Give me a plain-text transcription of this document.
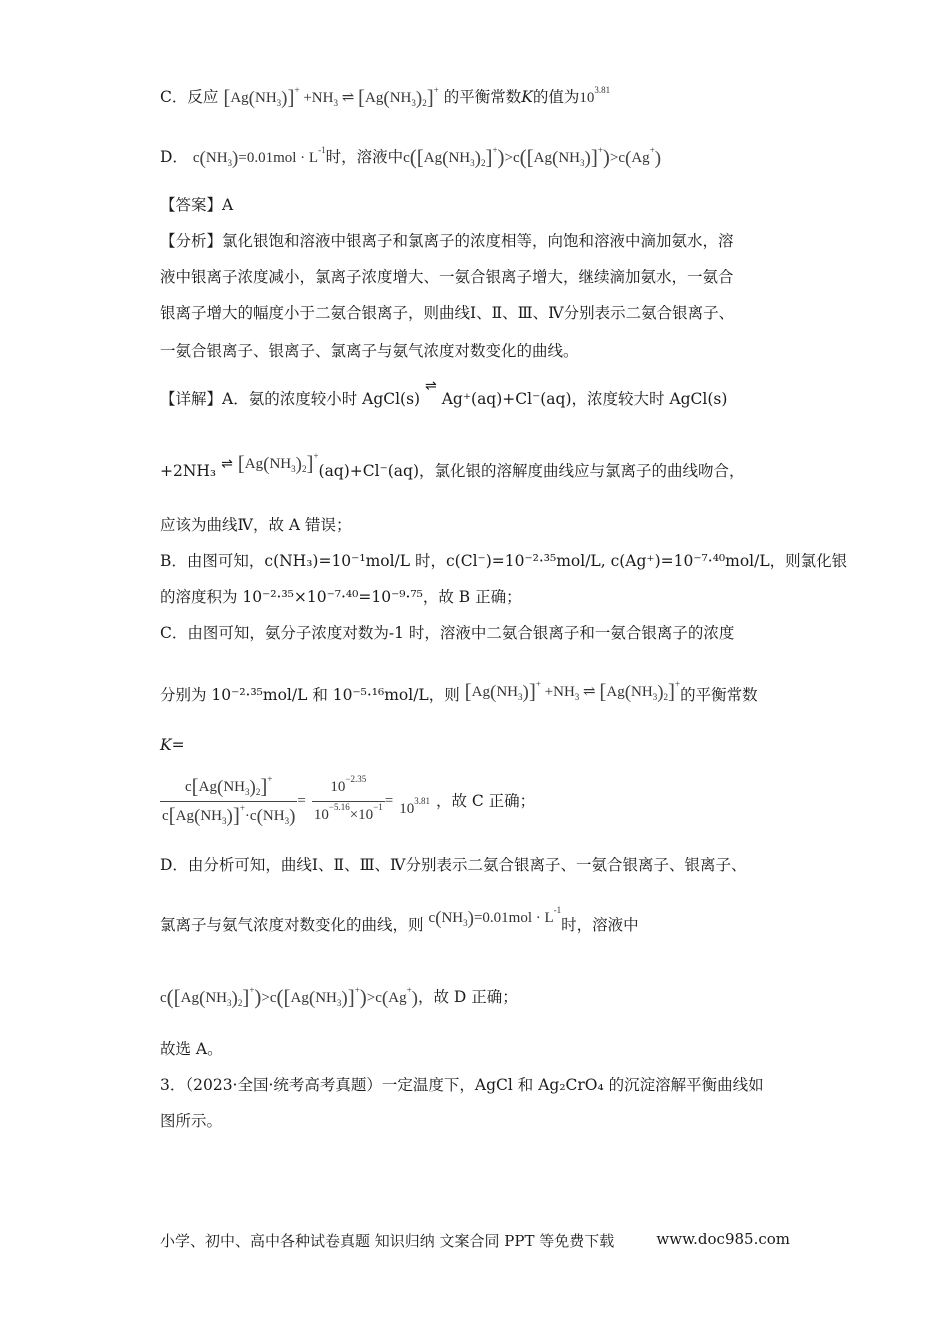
C．反应 $[Ag(NH_3)]^+ +NH_3$ ⇌ $[Ag(NH_3)_2]^+$ 的平衡常数K的值为$10^{3.81}$
D． $c(NH_3)=0.01mol \cdot L^{-1}$时，溶液中$c([Ag(NH_3)_2]^+)>c([Ag(NH_3)]^+)>c(Ag^+)$
【答案】A
【分析】氯化银饱和溶液中银离子和氯离子的浓度相等，向饱和溶液中滴加氨水，溶
液中银离子浓度减小，氯离子浓度增大、一氨合银离子增大，继续滴加氨水，一氨合
银离子增大的幅度小于二氨合银离子，则曲线Ⅰ、Ⅱ、Ⅲ、Ⅳ分别表示二氨合银离子、
一氨合银离子、银离子、氯离子与氨气浓度对数变化的曲线。
【详解】A．氨的浓度较小时 AgCl(s) ⇌ Ag⁺(aq)+Cl⁻(aq)，浓度较大时 AgCl(s)
+2NH₃ ⇌ $[Ag(NH_3)_2]^+(aq)+Cl^-(aq)$，氯化银的溶解度曲线应与氯离子的曲线吻合，
应该为曲线Ⅳ，故 A 错误；
B．由图可知，c(NH₃)=10⁻¹mol/L 时，c(Cl⁻)=10⁻²·³⁵mol/L, c(Ag⁺)=10⁻⁷·⁴⁰mol/L，则氯化银
的溶度积为 10⁻²·³⁵×10⁻⁷·⁴⁰=10⁻⁹·⁷⁵，故 B 正确；
C．由图可知，氨分子浓度对数为-1 时，溶液中二氨合银离子和一氨合银离子的浓度
分别为 10⁻²·³⁵mol/L 和 10⁻⁵·¹⁶mol/L，则 $[Ag(NH_3)]^+ +NH_3$ ⇌ $[Ag(NH_3)_2]^+$的平衡常数
K=
$\frac{c[Ag(NH_3)_2]^+}{c[Ag(NH_3)]^+\cdot c(NH_3)} = \frac{10^{-2.35}}{10^{-5.16}\times 10^{-1}} = 10^{3.81}$ ，故 C 正确；
D．由分析可知，曲线Ⅰ、Ⅱ、Ⅲ、Ⅳ分别表示二氨合银离子、一氨合银离子、银离子、
氯离子与氨气浓度对数变化的曲线，则 $c(NH_3)=0.01mol \cdot L^{-1}$时，溶液中
$c([Ag(NH_3)_2]^+)>c([Ag(NH_3)]^+)>c(Ag^+)$，故 D 正确；
故选 A。
3．（2023·全国·统考高考真题）一定温度下，AgCl 和 Ag₂CrO₄ 的沉淀溶解平衡曲线如
图所示。
小学、初中、高中各种试卷真题 知识归纳 文案合同 PPT 等免费下载	www.doc985.com
